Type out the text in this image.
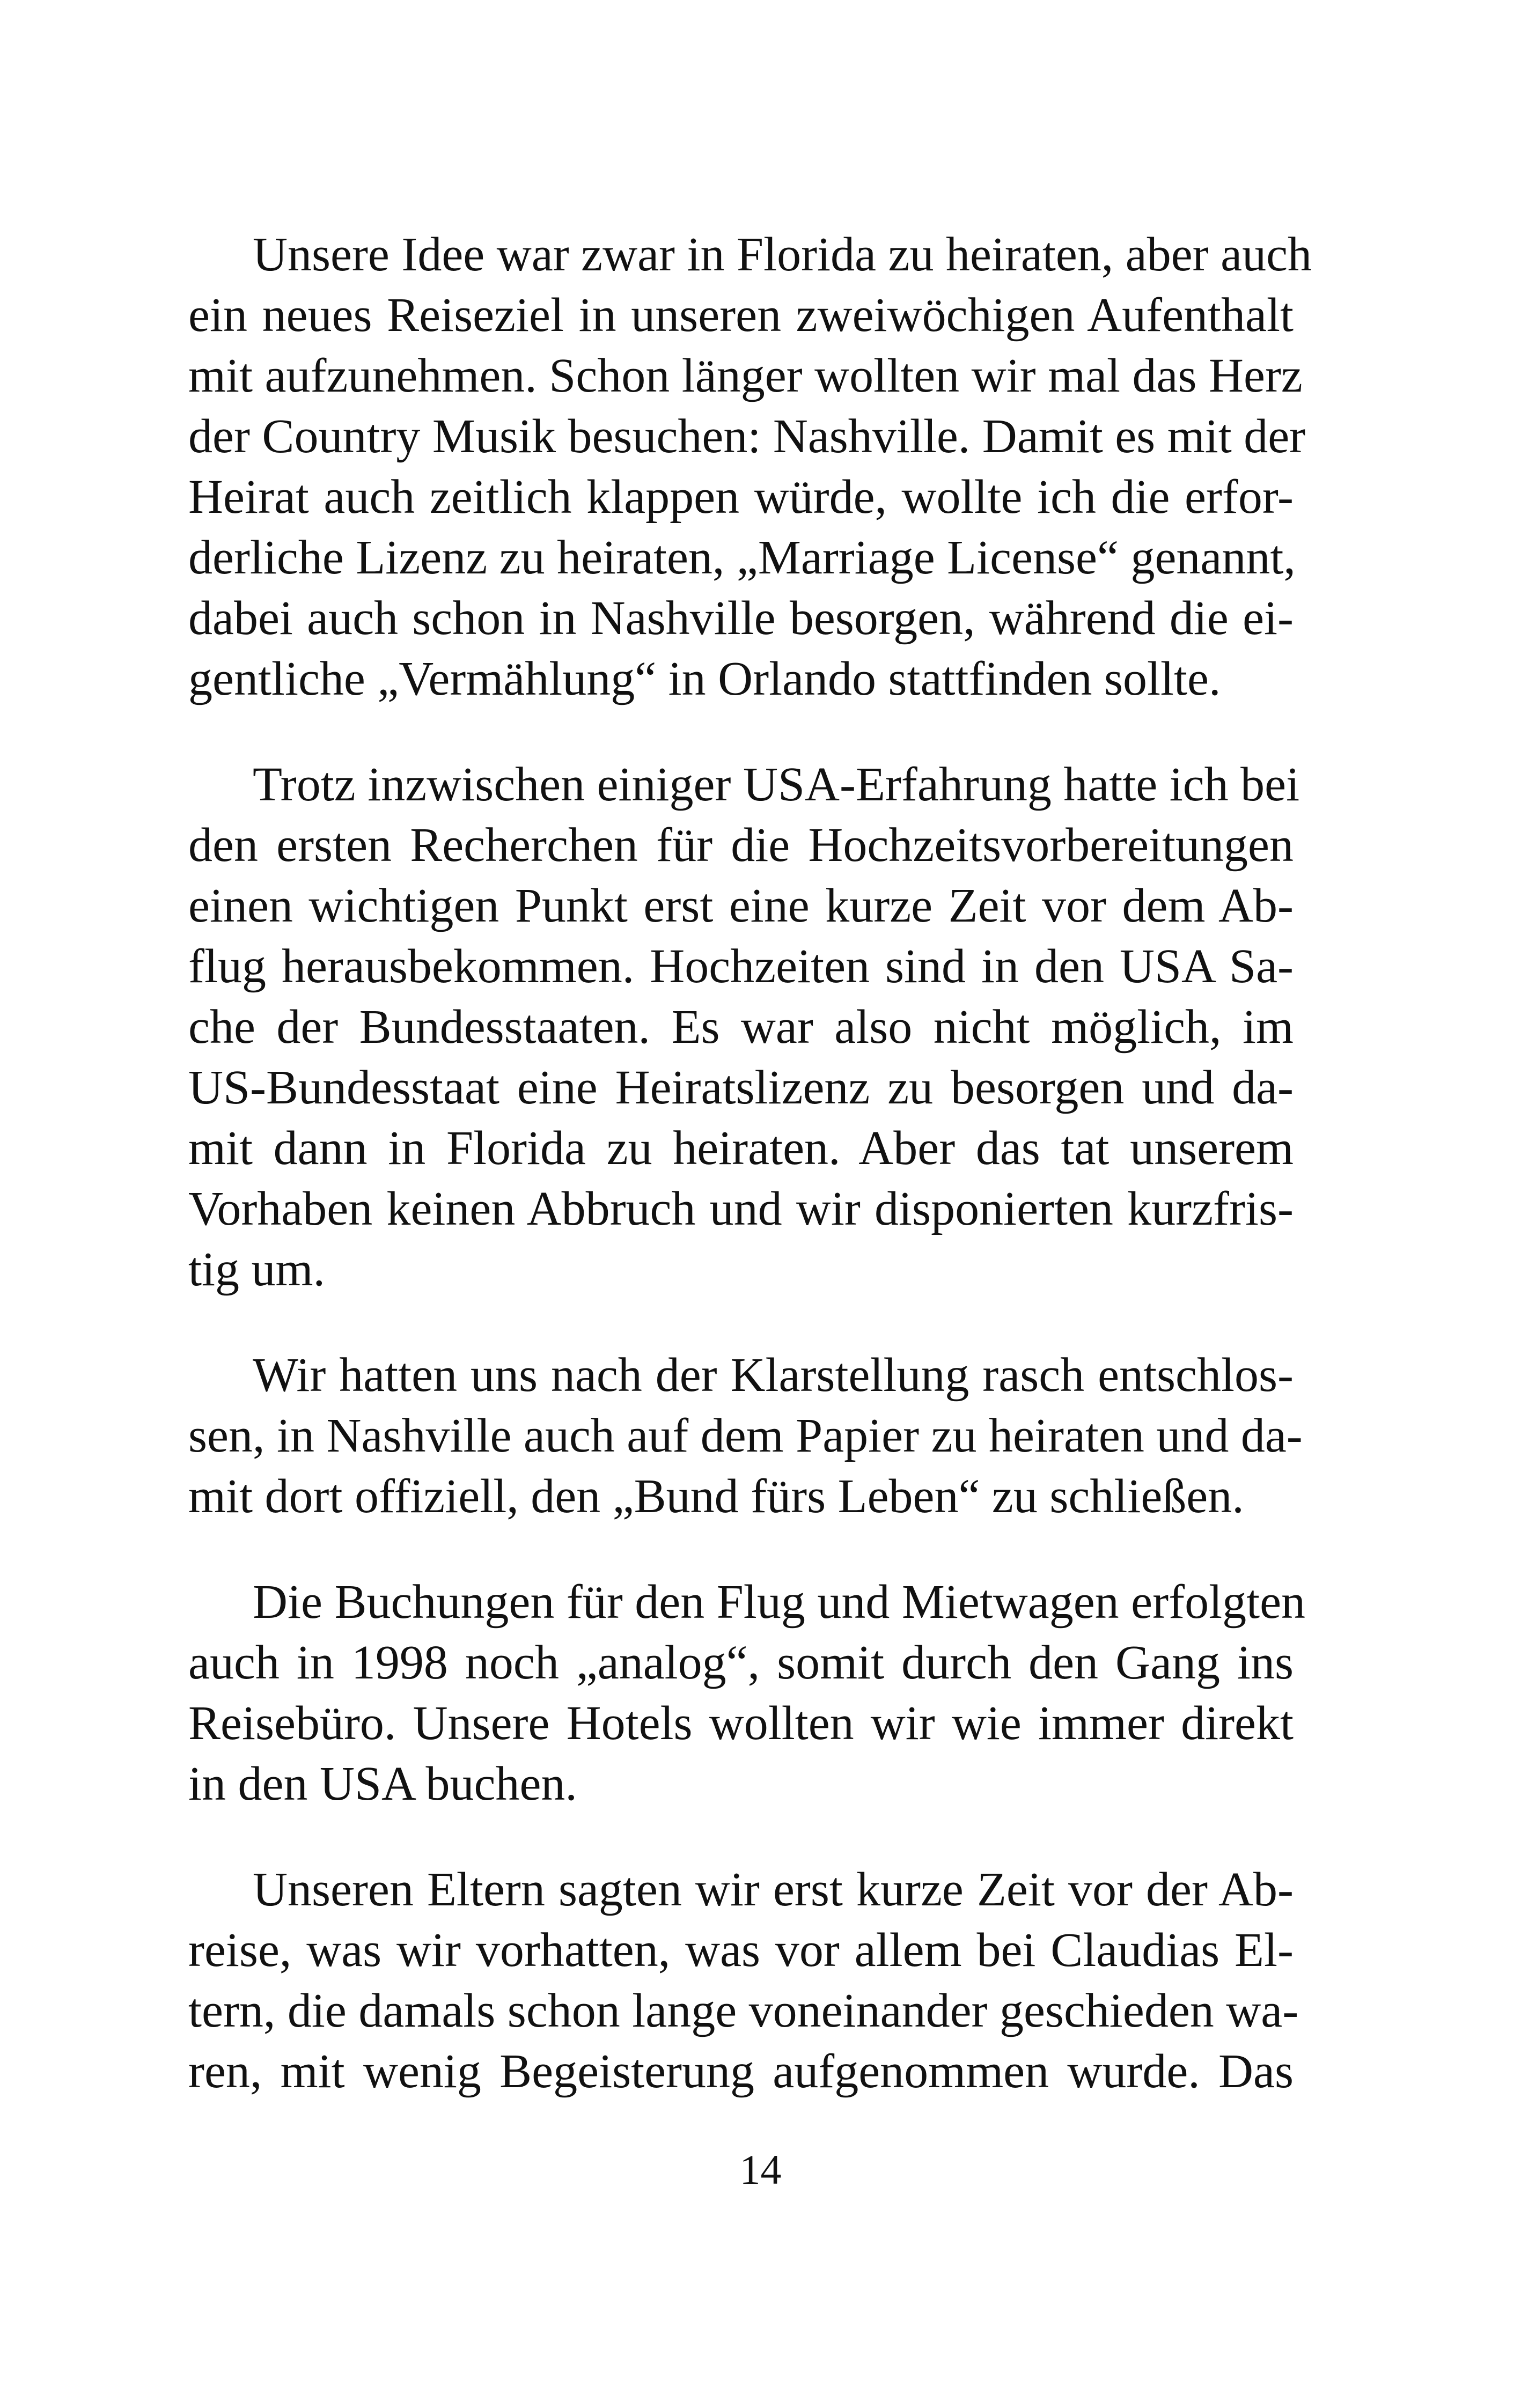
Unsere Idee war zwar in Florida zu heiraten, aber auch
ein neues Reiseziel in unseren zweiwöchigen Aufenthalt
mit aufzunehmen. Schon länger wollten wir mal das Herz
der Country Musik besuchen: Nashville. Damit es mit der
Heirat auch zeitlich klappen würde, wollte ich die erfor-
derliche Lizenz zu heiraten, „Marriage License“ genannt,
dabei auch schon in Nashville besorgen, während die ei-
gentliche „Vermählung“ in Orlando stattfinden sollte.

Trotz inzwischen einiger USA-Erfahrung hatte ich bei
den ersten Recherchen für die Hochzeitsvorbereitungen
einen wichtigen Punkt erst eine kurze Zeit vor dem Ab-
flug herausbekommen. Hochzeiten sind in den USA Sa-
che der Bundesstaaten. Es war also nicht möglich, im
US-Bundesstaat eine Heiratslizenz zu besorgen und da-
mit dann in Florida zu heiraten. Aber das tat unserem
Vorhaben keinen Abbruch und wir disponierten kurzfris-
tig um.

Wir hatten uns nach der Klarstellung rasch entschlos-
sen, in Nashville auch auf dem Papier zu heiraten und da-
mit dort offiziell, den „Bund fürs Leben“ zu schließen.

Die Buchungen für den Flug und Mietwagen erfolgten
auch in 1998 noch „analog“, somit durch den Gang ins
Reisebüro. Unsere Hotels wollten wir wie immer direkt
in den USA buchen.

Unseren Eltern sagten wir erst kurze Zeit vor der Ab-
reise, was wir vorhatten, was vor allem bei Claudias El-
tern, die damals schon lange voneinander geschieden wa-
ren, mit wenig Begeisterung aufgenommen wurde. Das

14
